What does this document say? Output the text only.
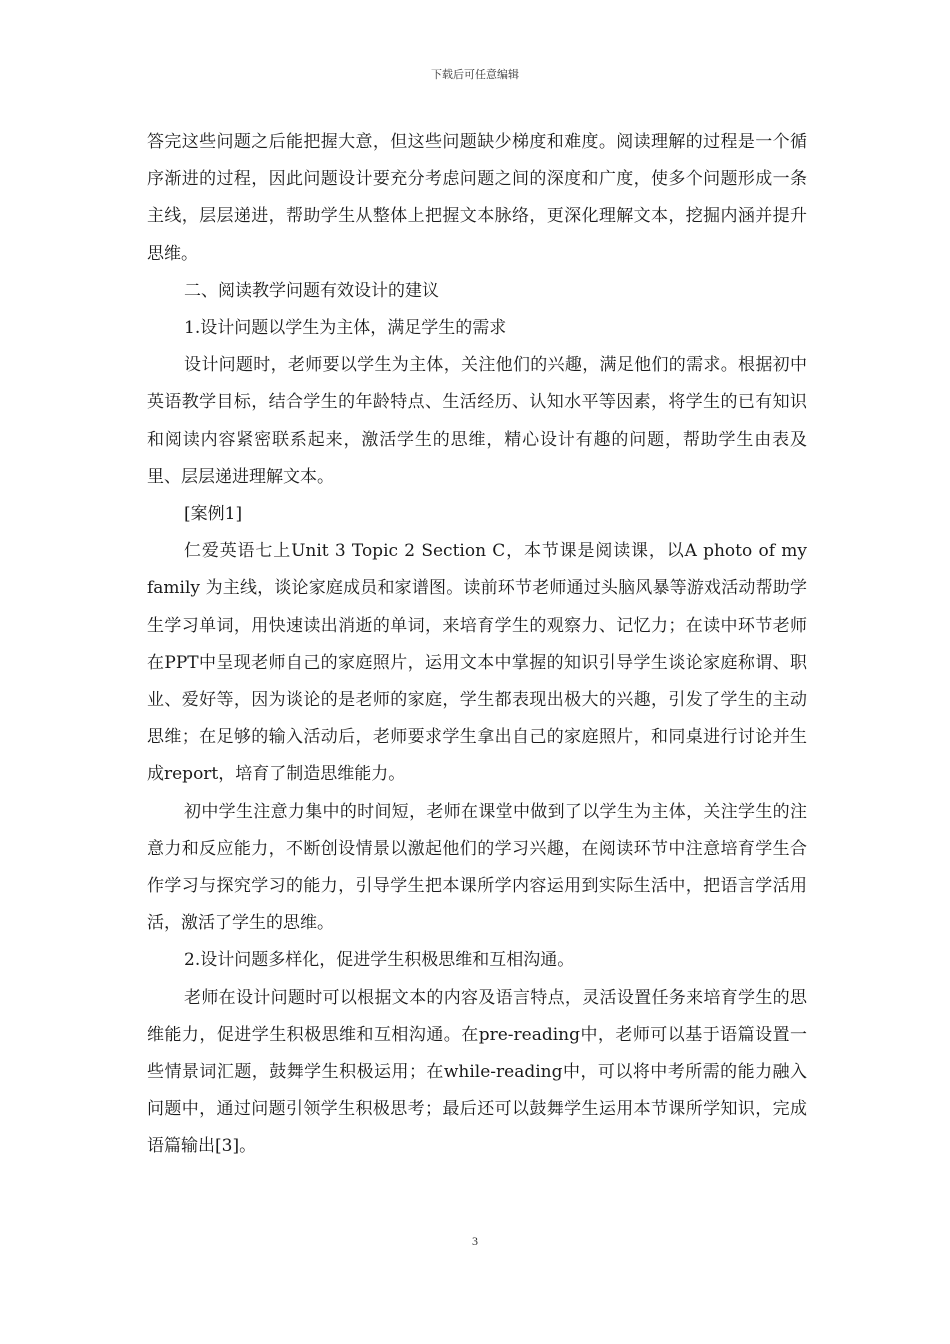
下载后可任意编辑

答完这些问题之后能把握大意，但这些问题缺少梯度和难度。阅读理解的过程是一个循序渐进的过程，因此问题设计要充分考虑问题之间的深度和广度，使多个问题形成一条主线，层层递进，帮助学生从整体上把握文本脉络，更深化理解文本，挖掘内涵并提升思维。

二、阅读教学问题有效设计的建议

1.设计问题以学生为主体，满足学生的需求

设计问题时，老师要以学生为主体，关注他们的兴趣，满足他们的需求。根据初中英语教学目标，结合学生的年龄特点、生活经历、认知水平等因素，将学生的已有知识和阅读内容紧密联系起来，激活学生的思维，精心设计有趣的问题，帮助学生由表及里、层层递进理解文本。

[案例1]

仁爱英语七上Unit 3 Topic 2 Section C，本节课是阅读课，以A photo of my family 为主线，谈论家庭成员和家谱图。读前环节老师通过头脑风暴等游戏活动帮助学生学习单词，用快速读出消逝的单词，来培育学生的观察力、记忆力；在读中环节老师在PPT中呈现老师自己的家庭照片，运用文本中掌握的知识引导学生谈论家庭称谓、职业、爱好等，因为谈论的是老师的家庭，学生都表现出极大的兴趣，引发了学生的主动思维；在足够的输入活动后，老师要求学生拿出自己的家庭照片，和同桌进行讨论并生成report，培育了制造思维能力。

初中学生注意力集中的时间短，老师在课堂中做到了以学生为主体，关注学生的注意力和反应能力，不断创设情景以激起他们的学习兴趣，在阅读环节中注意培育学生合作学习与探究学习的能力，引导学生把本课所学内容运用到实际生活中，把语言学活用活，激活了学生的思维。

2.设计问题多样化，促进学生积极思维和互相沟通。

老师在设计问题时可以根据文本的内容及语言特点，灵活设置任务来培育学生的思维能力，促进学生积极思维和互相沟通。在pre-reading中，老师可以基于语篇设置一些情景词汇题，鼓舞学生积极运用；在while-reading中，可以将中考所需的能力融入问题中，通过问题引领学生积极思考；最后还可以鼓舞学生运用本节课所学知识，完成语篇输出[3]。

3
